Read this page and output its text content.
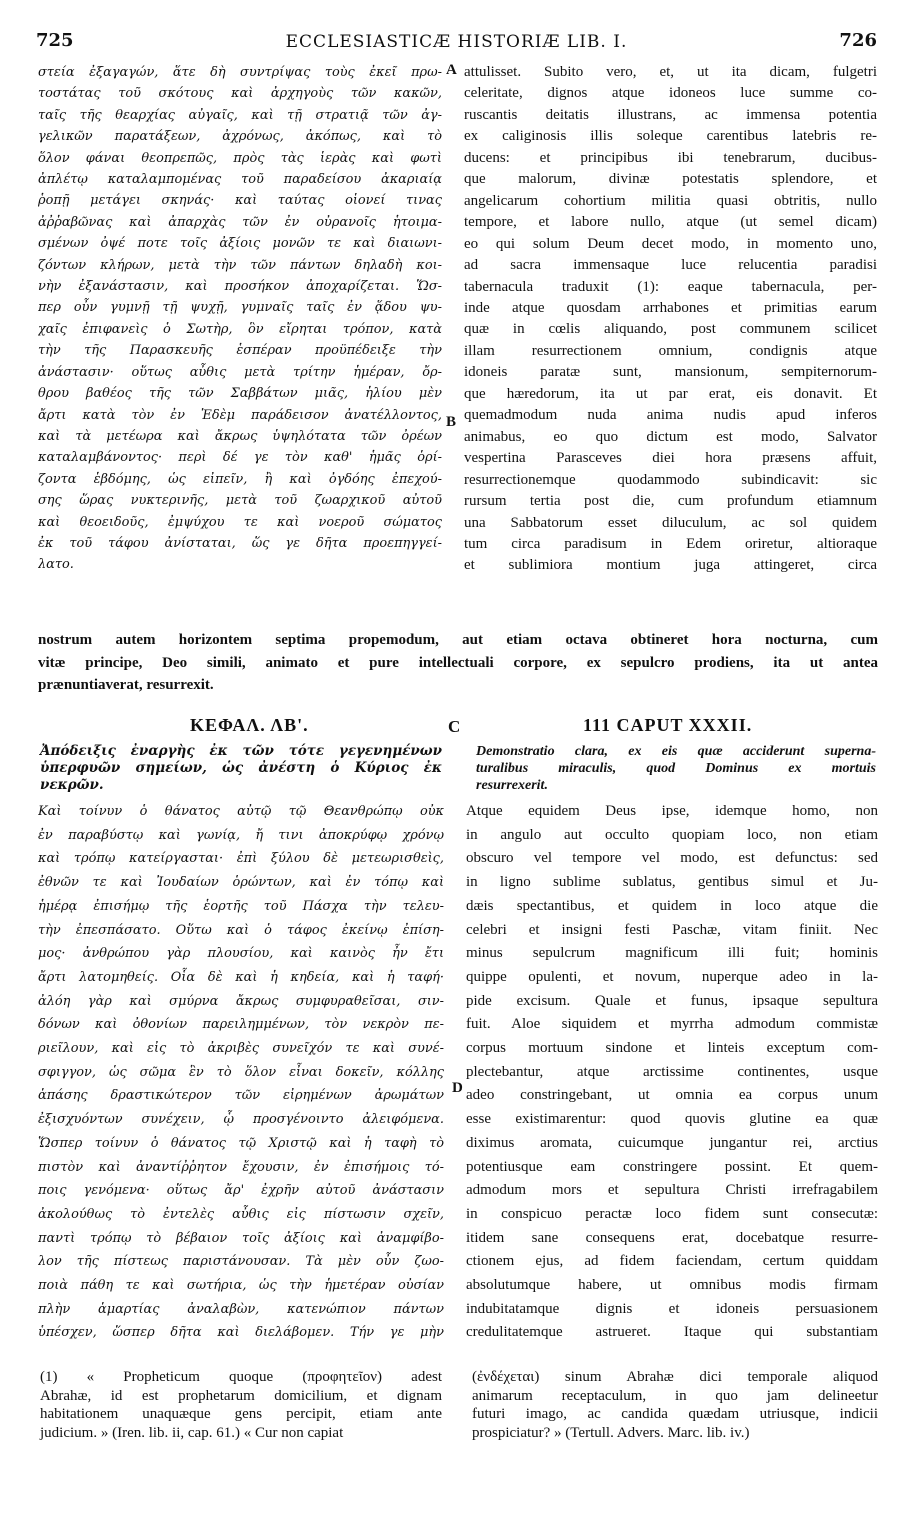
725	ECCLESIASTICÆ HISTORIÆ LIB. I.	726
A
B
D
στεία ἐξαγαγών, ἅτε δὴ συντρίψας τοὺς ἐκεῖ πρω-
τοστάτας τοῦ σκότους καὶ ἀρχηγοὺς τῶν κακῶν,
ταῖς τῆς θεαρχίας αὐγαῖς, καὶ τῇ στρατιᾷ τῶν ἀγ-
γελικῶν παρατάξεων, ἀχρόνως, ἀκόπως, καὶ τὸ
ὅλον φάναι θεοπρεπῶς, πρὸς τὰς ἱερὰς καὶ φωτὶ
ἀπλέτῳ καταλαμπομένας τοῦ παραδείσου ἀκαριαίᾳ
ῥοπῇ μετάγει σκηνάς· καὶ ταύτας οἱονεί τινας
ἀῤῥαβῶνας καὶ ἀπαρχὰς τῶν ἐν οὐρανοῖς ἡτοιμα-
σμένων ὀψέ ποτε τοῖς ἀξίοις μονῶν τε καὶ διαιωνι-
ζόντων κλήρων, μετὰ τὴν τῶν πάντων δηλαδὴ κοι-
νὴν ἐξανάστασιν, καὶ προσήκον ἀποχαρίζεται. Ὥσ-
περ οὖν γυμνῇ τῇ ψυχῇ, γυμναῖς ταῖς ἐν ᾅδου ψυ-
χαῖς ἐπιφανεὶς ὁ Σωτὴρ, ὃν εἴρηται τρόπον, κατὰ
τὴν τῆς Παρασκευῆς ἑσπέραν προϋπέδειξε τὴν
ἀνάστασιν· οὕτως αὖθις μετὰ τρίτην ἡμέραν, ὄρ-
θρου βαθέος τῆς τῶν Σαββάτων μιᾶς, ἡλίου μὲν
ἄρτι κατὰ τὸν ἐν Ἐδὲμ παράδεισον ἀνατέλλοντος,
καὶ τὰ μετέωρα καὶ ἄκρως ὑψηλότατα τῶν ὀρέων
καταλαμβάνοντος· περὶ δέ γε τὸν καθ' ἡμᾶς ὁρί-
ζοντα ἑβδόμης, ὡς εἰπεῖν, ἢ καὶ ὀγδόης ἐπεχού-
σης ὥρας νυκτερινῆς, μετὰ τοῦ ζωαρχικοῦ αὐτοῦ
καὶ θεοειδοῦς, ἐμψύχου τε καὶ νοεροῦ σώματος
ἐκ τοῦ τάφου ἀνίσταται, ὥς γε δῆτα προεπηγγεί-
λατο.
attulisset. Subito vero, et, ut ita dicam, fulgetri
celeritate, dignos atque idoneos luce summe co-
ruscantis deitatis illustrans, ac immensa potentia
ex caliginosis illis soleque carentibus latebris re-
ducens: et principibus ibi tenebrarum, ducibus-
que malorum, divinæ potestatis splendore, et
angelicarum cohortium militia quasi obtritis, nullo
tempore, et labore nullo, atque (ut semel dicam)
eo qui solum Deum decet modo, in momento uno,
ad sacra immensaque luce relucentia paradisi
tabernacula traduxit (1): eaque tabernacula, per-
inde atque quosdam arrhabones et primitias earum
quæ in cœlis aliquando, post communem scilicet
illam resurrectionem omnium, condignis atque
idoneis paratæ sunt, mansionum, sempiternorum-
que hæredorum, ita ut par erat, eis donavit. Et
quemadmodum nuda anima nudis apud inferos
animabus, eo quo dictum est modo, Salvator
vespertina Parasceves diei hora præsens affuit,
resurrectionemque quodammodo subindicavit: sic
rursum tertia post die, cum profundum etiamnum
una Sabbatorum esset diluculum, ac sol quidem
tum circa paradisum in Edem oriretur, altioraque
et sublimiora montium juga attingeret, circa
nostrum autem horizontem septima propemodum, aut etiam octava obtineret hora nocturna, cum
vitæ principe, Deo simili, animato et pure intellectuali corpore, ex sepulcro prodiens, ita ut antea
prænuntiaverat, resurrexit.
ΚΕΦΑΛ. ΛΒ'.	C	111 CAPUT XXXII.
Ἀπόδειξις ἐναργὴς ἐκ τῶν τότε γεγενημένων
ὑπερφυῶν σημείων, ὡς ἀνέστη ὁ Κύριος ἐκ
νεκρῶν.
Demonstratio clara, ex eis quæ acciderunt superna-
turalibus miraculis, quod Dominus ex mortuis
resurrexerit.
Καὶ τοίνυν ὁ θάνατος αὐτῷ τῷ Θεανθρώπῳ οὐκ
ἐν παραβύστῳ καὶ γωνίᾳ, ἤ τινι ἀποκρύφῳ χρόνῳ
καὶ τρόπῳ κατείργασται· ἐπὶ ξύλου δὲ μετεωρισθεὶς,
ἐθνῶν τε καὶ Ἰουδαίων ὁρώντων, καὶ ἐν τόπῳ καὶ
ἡμέρᾳ ἐπισήμῳ τῆς ἑορτῆς τοῦ Πάσχα τὴν τελευ-
τὴν ἐπεσπάσατο. Οὕτω καὶ ὁ τάφος ἐκείνῳ ἐπίση-
μος· ἀνθρώπου γὰρ πλουσίου, καὶ καινὸς ἦν ἔτι
ἄρτι λατομηθείς. Οἷα δὲ καὶ ἡ κηδεία, καὶ ἡ ταφή·
ἀλόη γὰρ καὶ σμύρνα ἄκρως συμφυραθεῖσαι, σιν-
δόνων καὶ ὀθονίων παρειλημμένων, τὸν νεκρὸν πε-
ριεῖλουν, καὶ εἰς τὸ ἀκριβὲς συνεῖχόν τε καὶ συνέ-
σφιγγον, ὡς σῶμα ἓν τὸ ὅλον εἶναι δοκεῖν, κόλλης
ἁπάσης δραστικώτερον τῶν εἰρημένων ἀρωμάτων
ἐξισχυόντων συνέχειν, ᾧ προσγένοιντο ἀλειφόμενα.
Ὥσπερ τοίνυν ὁ θάνατος τῷ Χριστῷ καὶ ἡ ταφὴ τὸ
πιστὸν καὶ ἀναντίῤῥητον ἔχουσιν, ἐν ἐπισήμοις τό-
ποις γενόμενα· οὕτως ἄρ' ἐχρῆν αὐτοῦ ἀνάστασιν
ἀκολούθως τὸ ἐντελὲς αὖθις εἰς πίστωσιν σχεῖν,
παντὶ τρόπῳ τὸ βέβαιον τοῖς ἀξίοις καὶ ἀναμφίβο-
λον τῆς πίστεως παριστάνουσαν. Τὰ μὲν οὖν ζωο-
ποιὰ πάθη τε καὶ σωτήρια, ὡς τὴν ἡμετέραν οὐσίαν
πλὴν ἁμαρτίας ἀναλαβὼν, κατενώπιον πάντων
ὑπέσχεν, ὥσπερ δῆτα καὶ διελάβομεν. Τήν γε μὴν
Atque equidem Deus ipse, idemque homo, non
in angulo aut occulto quopiam loco, non etiam
obscuro vel tempore vel modo, est defunctus: sed
in ligno sublime sublatus, gentibus simul et Ju-
dæis spectantibus, et quidem in loco atque die
celebri et insigni festi Paschæ, vitam finiit. Nec
minus sepulcrum magnificum illi fuit; hominis
quippe opulenti, et novum, nuperque adeo in la-
pide excisum. Quale et funus, ipsaque sepultura
fuit. Aloe siquidem et myrrha admodum commistæ
corpus mortuum sindone et linteis exceptum com-
plectebantur, atque arctissime continentes, usque
adeo constringebant, ut omnia ea corpus unum
esse existimarentur: quod quovis glutine ea quæ
diximus aromata, cuicumque jungantur rei, arctius
potentiusque eam constringere possint. Et quem-
admodum mors et sepultura Christi irrefragabilem
in conspicuo peractæ loco fidem sunt consecutæ:
itidem sane consequens erat, docebatque resurre-
ctionem ejus, ad fidem faciendam, certum quiddam
absolutumque habere, ut omnibus modis firmam
indubitatamque dignis et idoneis persuasionem
credulitatemque astrueret. Itaque qui substantiam
(1) « Propheticum quoque (προφητεῖον) adest
Abrahæ, id est prophetarum domicilium, et dignam
habitationem unaquæque gens percipit, etiam ante
judicium. » (Iren. lib. ii, cap. 61.) « Cur non capiat
(ἐνδέχεται) sinum Abrahæ dici temporale aliquod
animarum receptaculum, in quo jam delineetur
futuri imago, ac candida quædam utriusque, indicii
prospiciatur? » (Tertull. Advers. Marc. lib. iv.)
